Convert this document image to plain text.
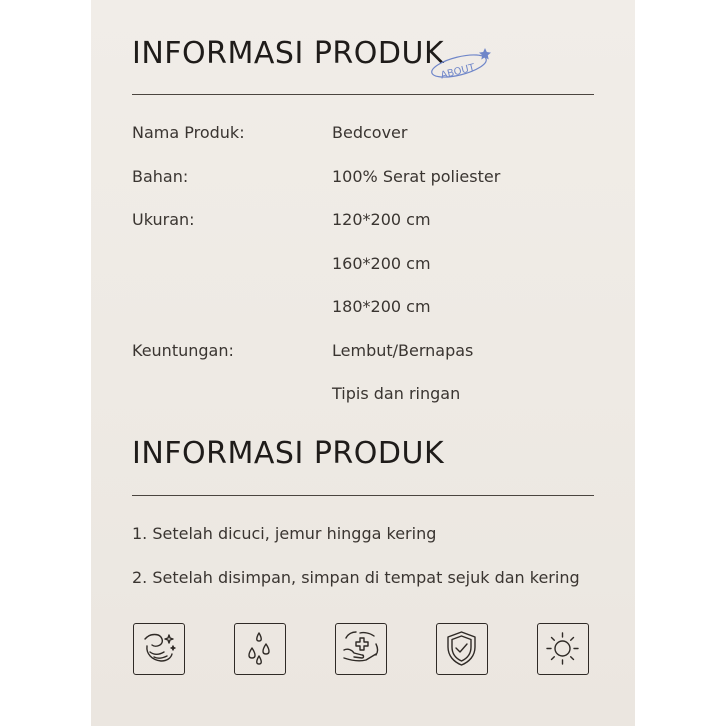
INFORMASI PRODUK
ABOUT
Nama Produk:	Bedcover
Bahan:	100% Serat poliester
Ukuran:	120*200 cm
160*200 cm
180*200 cm
Keuntungan:	Lembut/Bernapas
Tipis dan ringan
INFORMASI PRODUK
1. Setelah dicuci, jemur hingga kering
2. Setelah disimpan, simpan di tempat sejuk dan kering
